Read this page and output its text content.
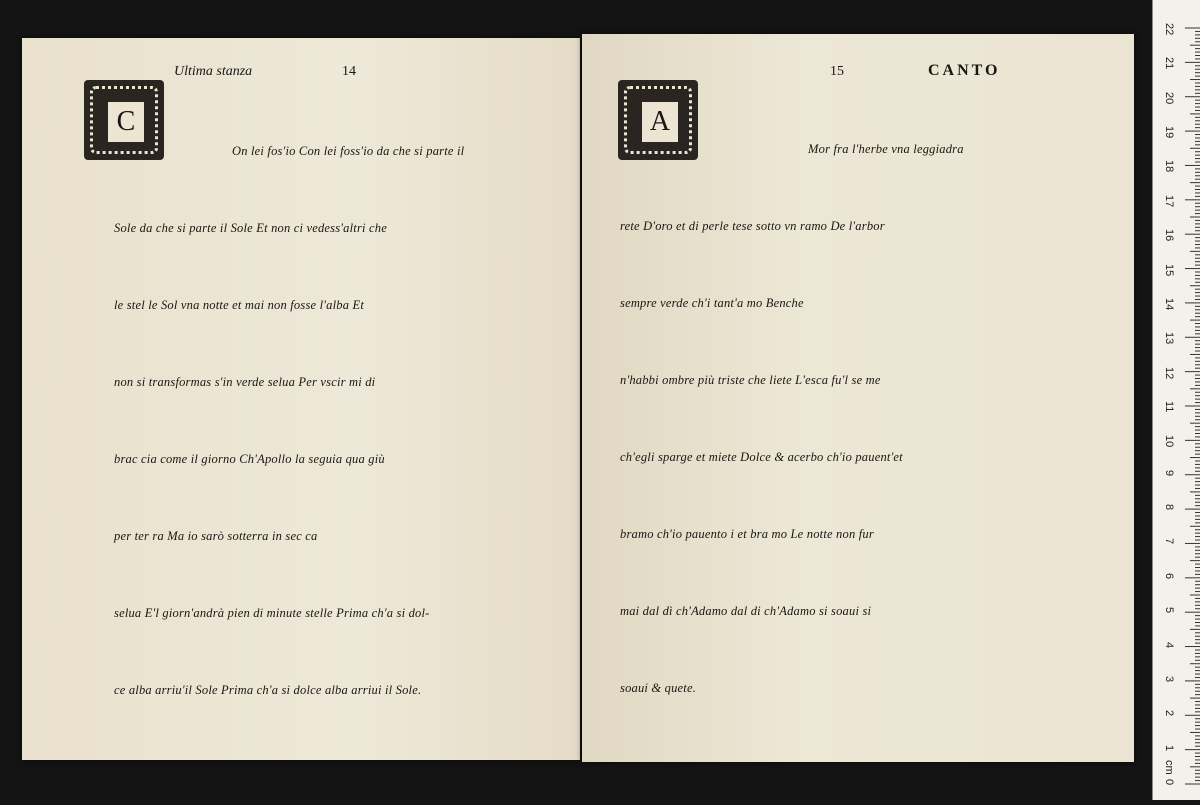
C
Ultima stanza	14
On lei fos'io Con lei foss'io da che si parte il
Sole da che si parte il Sole Et non ci vedess'altri che
le stel le Sol vna notte et mai non fosse l'alba Et
non si transformas s'in verde selua Per vscir mi di
brac cia come il giorno Ch'Apollo la seguia qua giù
per ter ra Ma io sarò sotterra in sec ca
selua E'l giorn'andrà pien di minute stelle Prima ch'a si dol-
ce alba arriu'il Sole Prima ch'a si dolce alba arriui il Sole.
A
15	CANTO
Mor fra l'herbe vna leggiadra
rete D'oro et di perle tese sotto vn ramo De l'arbor
sempre verde ch'i tant'a mo Benche
n'habbi ombre più triste che liete L'esca fu'l se me
ch'egli sparge et miete Dolce & acerbo ch'io pauent'et
bramo ch'io pauento i et bra mo Le notte non fur
mai dal dì ch'Adamo dal di ch'Adamo si soaui si
soaui & quete.
0
1
2
3
4
5
6
7
8
9
10
11
12
13
14
15
16
17
18
19
20
21
22
cm
